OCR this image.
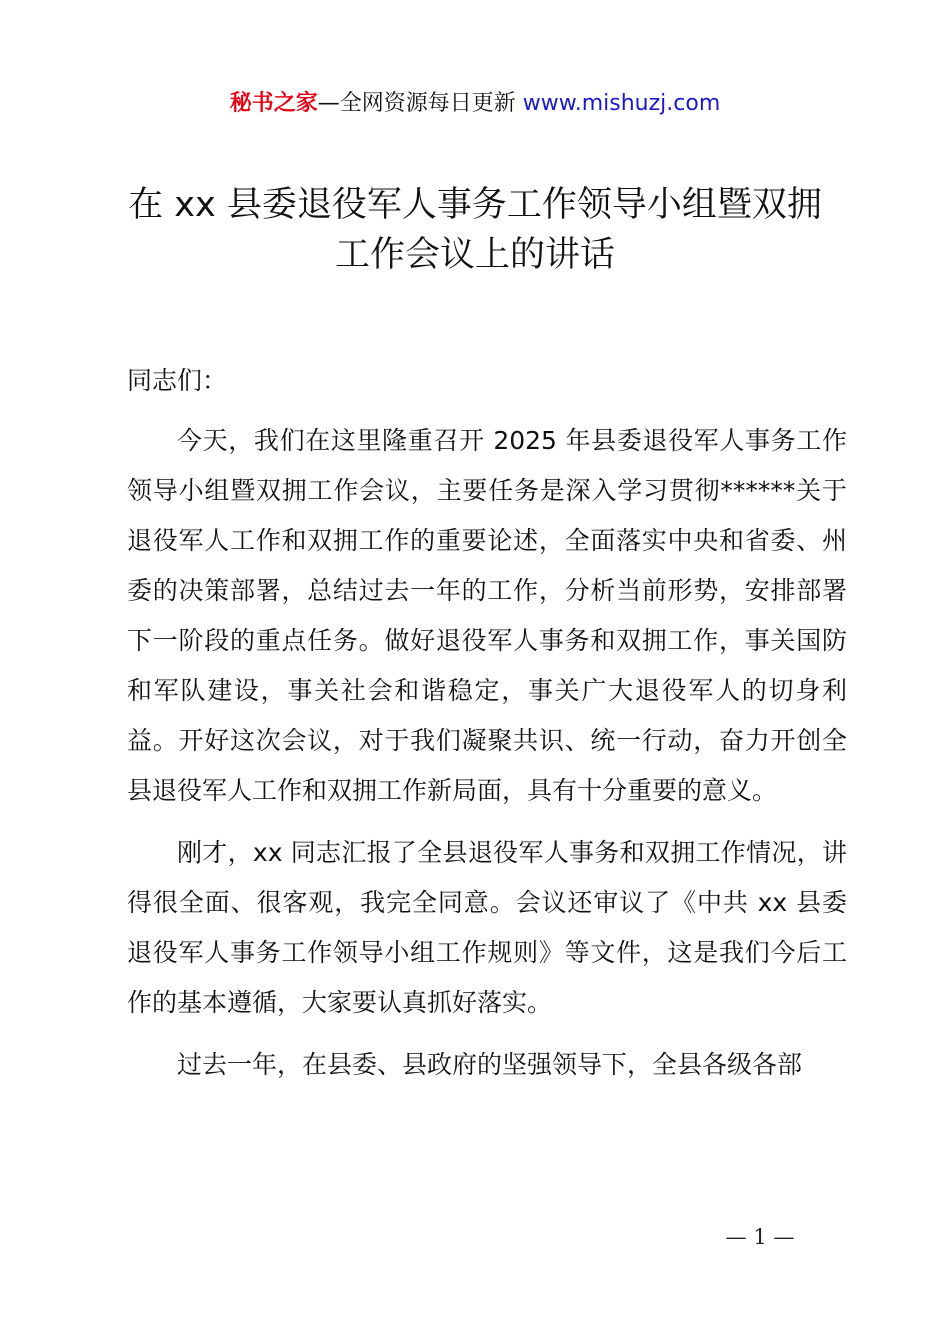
秘书之家—全网资源每日更新 www.mishuzj.com
在 xx 县委退役军人事务工作领导小组暨双拥
工作会议上的讲话

同志们：

今天，我们在这里隆重召开 2025 年县委退役军人事务工作领导小组暨双拥工作会议，主要任务是深入学习贯彻******关于退役军人工作和双拥工作的重要论述，全面落实中央和省委、州委的决策部署，总结过去一年的工作，分析当前形势，安排部署下一阶段的重点任务。做好退役军人事务和双拥工作，事关国防和军队建设，事关社会和谐稳定，事关广大退役军人的切身利益。开好这次会议，对于我们凝聚共识、统一行动，奋力开创全县退役军人工作和双拥工作新局面，具有十分重要的意义。

刚才，xx 同志汇报了全县退役军人事务和双拥工作情况，讲得很全面、很客观，我完全同意。会议还审议了《中共 xx 县委退役军人事务工作领导小组工作规则》等文件，这是我们今后工作的基本遵循，大家要认真抓好落实。

过去一年，在县委、县政府的坚强领导下，全县各级各部

— 1 —
